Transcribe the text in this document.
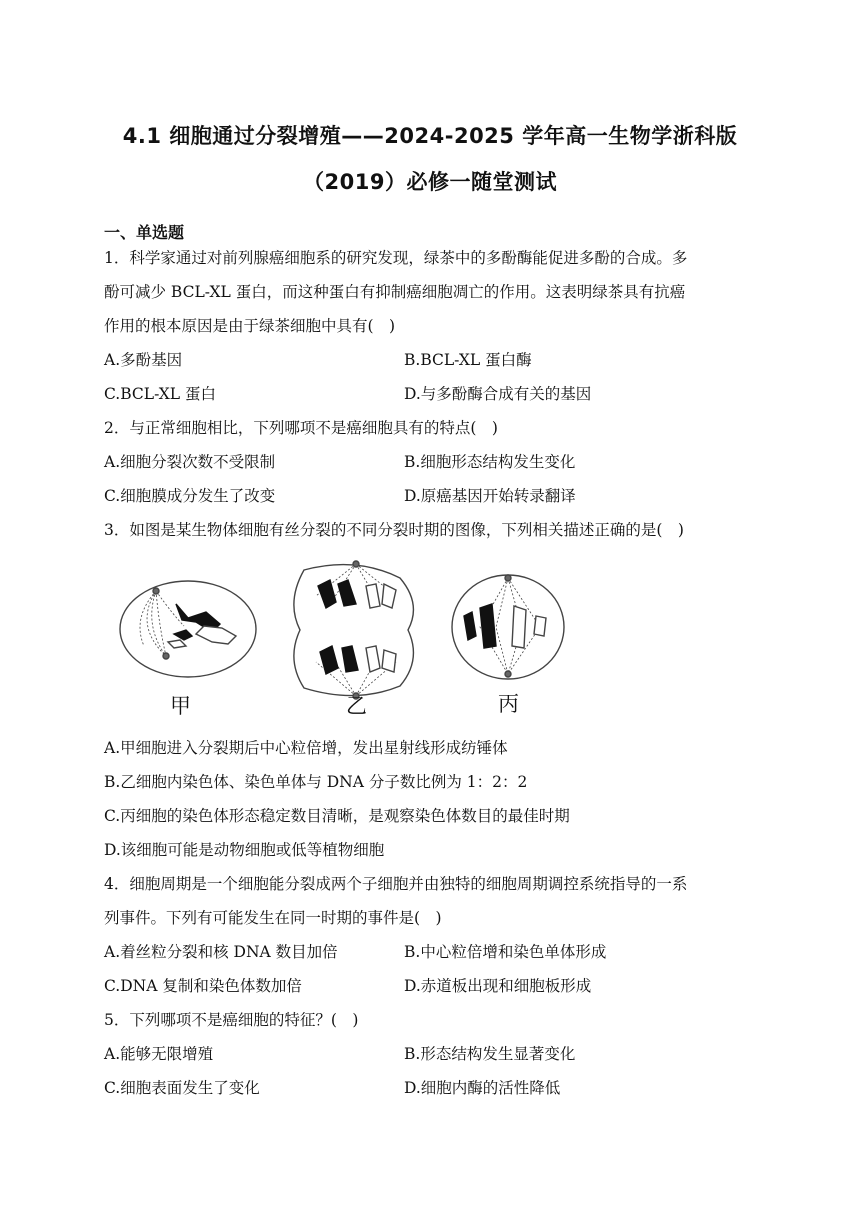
4.1 细胞通过分裂增殖——2024-2025 学年高一生物学浙科版
（2019）必修一随堂测试
一、单选题
1．科学家通过对前列腺癌细胞系的研究发现，绿茶中的多酚酶能促进多酚的合成。多
酚可减少 BCL-XL 蛋白，而这种蛋白有抑制癌细胞凋亡的作用。这表明绿茶具有抗癌
作用的根本原因是由于绿茶细胞中具有(　)
A.多酚基因	B.BCL-XL 蛋白酶
C.BCL-XL 蛋白	D.与多酚酶合成有关的基因
2．与正常细胞相比，下列哪项不是癌细胞具有的特点(　)
A.细胞分裂次数不受限制	B.细胞形态结构发生变化
C.细胞膜成分发生了改变	D.原癌基因开始转录翻译
3．如图是某生物体细胞有丝分裂的不同分裂时期的图像，下列相关描述正确的是(　)
甲	乙	丙
A.甲细胞进入分裂期后中心粒倍增，发出星射线形成纺锤体
B.乙细胞内染色体、染色单体与 DNA 分子数比例为 1：2：2
C.丙细胞的染色体形态稳定数目清晰，是观察染色体数目的最佳时期
D.该细胞可能是动物细胞或低等植物细胞
4．细胞周期是一个细胞能分裂成两个子细胞并由独特的细胞周期调控系统指导的一系
列事件。下列有可能发生在同一时期的事件是(　)
A.着丝粒分裂和核 DNA 数目加倍	B.中心粒倍增和染色单体形成
C.DNA 复制和染色体数加倍	D.赤道板出现和细胞板形成
5．下列哪项不是癌细胞的特征？(　)
A.能够无限增殖	B.形态结构发生显著变化
C.细胞表面发生了变化	D.细胞内酶的活性降低
